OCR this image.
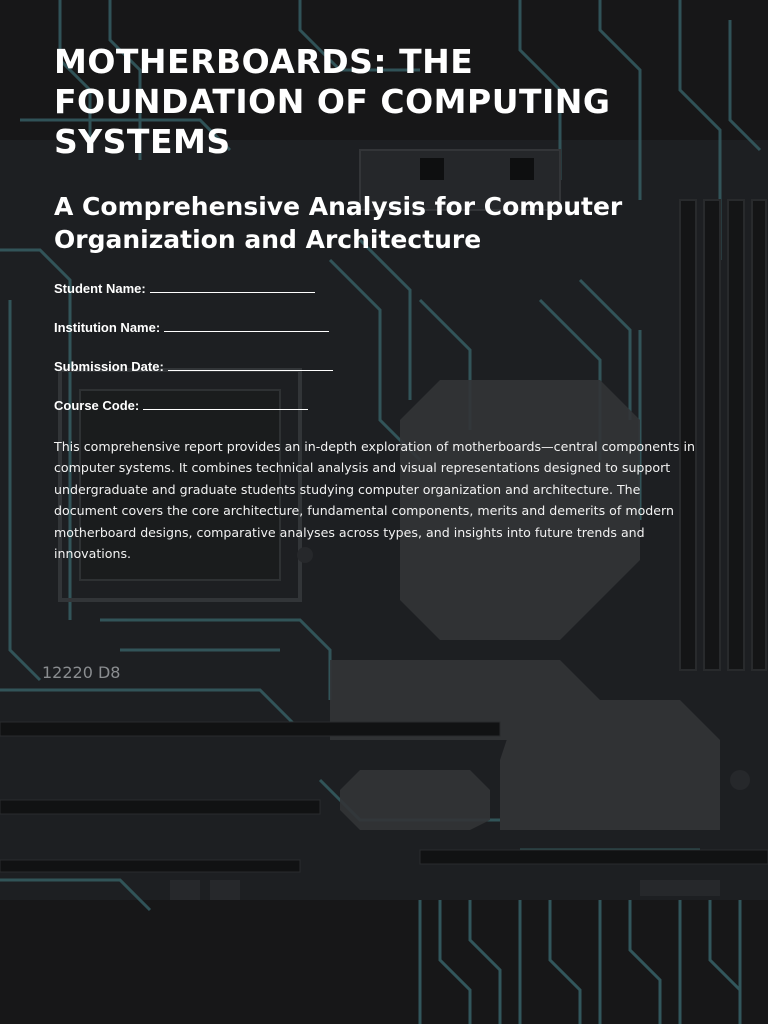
12220 D8
MOTHERBOARDS: THE FOUNDATION OF COMPUTING SYSTEMS
A Comprehensive Analysis for Computer Organization and Architecture
Student Name:
Institution Name:
Submission Date:
Course Code:

This comprehensive report provides an in-depth exploration of motherboards—central components in computer systems. It combines technical analysis and visual representations designed to support undergraduate and graduate students studying computer organization and architecture. The document covers the core architecture, fundamental components, merits and demerits of modern motherboard designs, comparative analyses across types, and insights into future trends and innovations.
